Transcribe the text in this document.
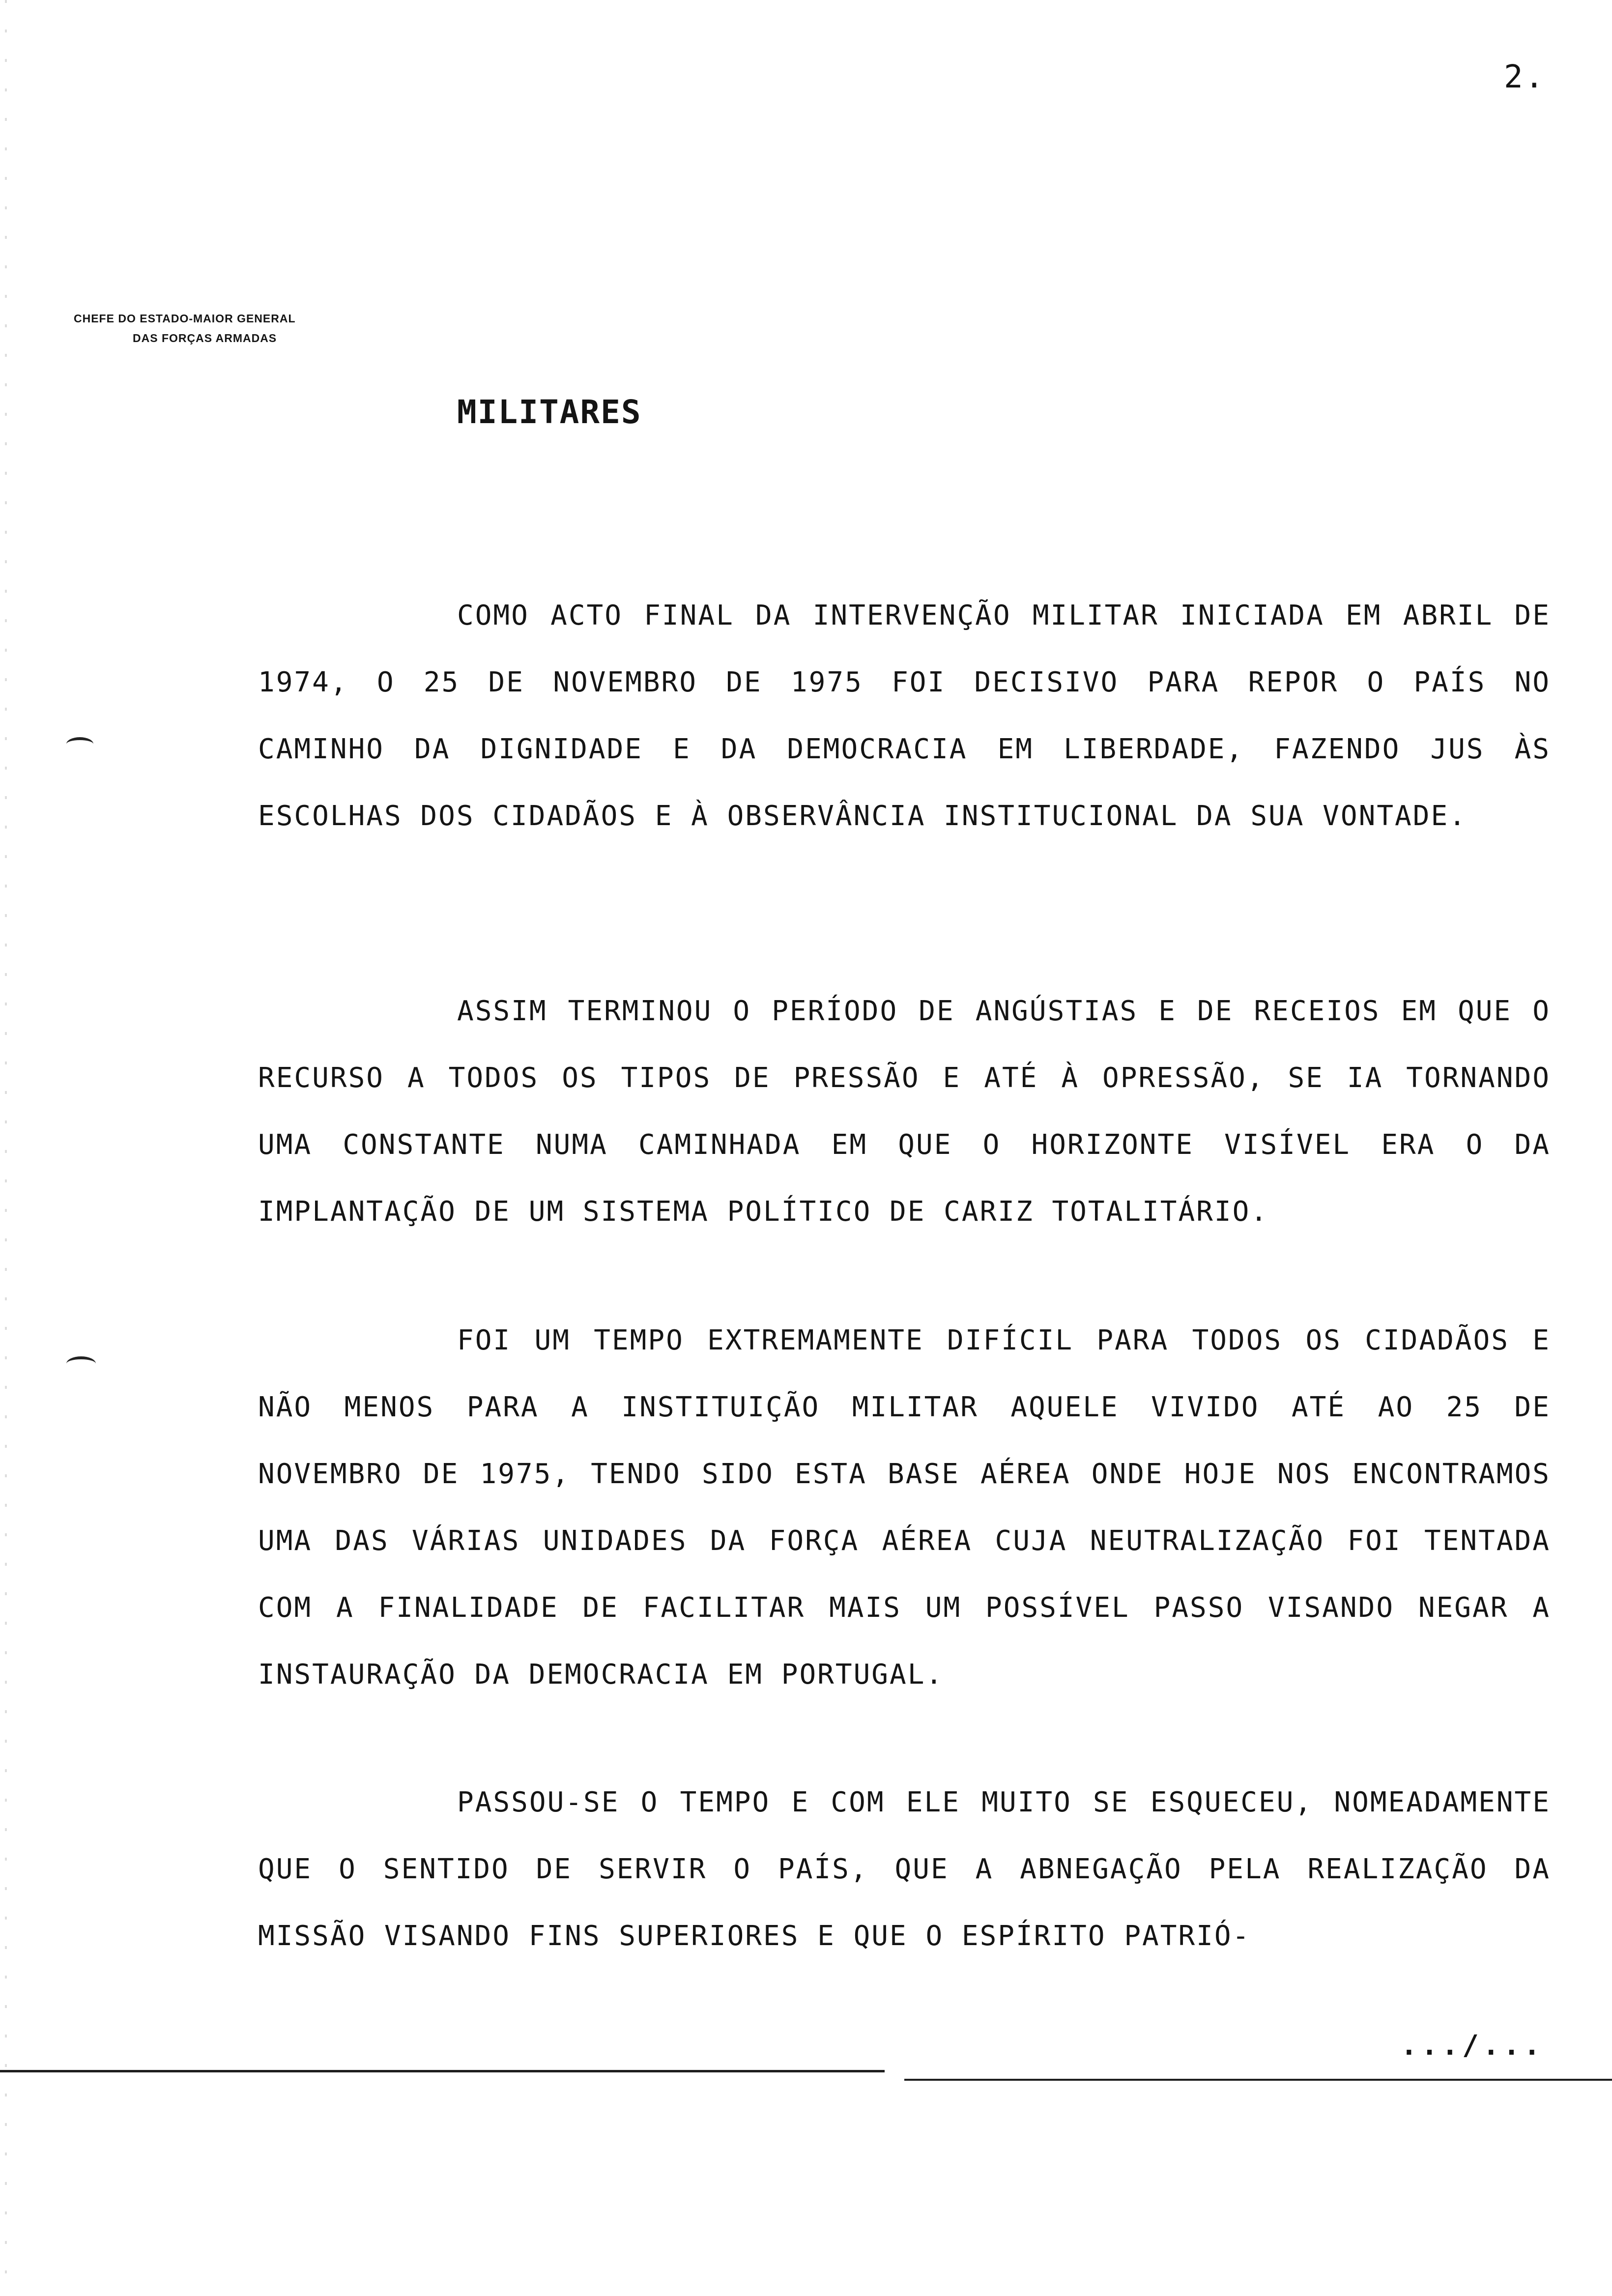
2.
CHEFE DO ESTADO-MAIOR GENERAL
DAS FORÇAS ARMADAS
MILITARES

COMO ACTO FINAL DA INTERVENÇÃO MILITAR INICIADA EM ABRIL DE 1974, O 25 DE NOVEMBRO DE 1975 FOI DECISIVO PARA REPOR O PAÍS NO CAMINHO DA DIGNIDADE E DA DEMOCRACIA EM LIBERDADE, FAZENDO JUS ÀS ESCOLHAS DOS CIDADÃOS E À OBSERVÂNCIA INSTITUCIONAL DA SUA VONTADE.

ASSIM TERMINOU O PERÍODO DE ANGÚSTIAS E DE RECEIOS EM QUE O RECURSO A TODOS OS TIPOS DE PRESSÃO E ATÉ À OPRESSÃO, SE IA TORNANDO UMA CONSTANTE NUMA CAMINHADA EM QUE O HORIZONTE VISÍVEL ERA O DA IMPLANTAÇÃO DE UM SISTEMA POLÍTICO DE CARIZ TOTALITÁRIO.

FOI UM TEMPO EXTREMAMENTE DIFÍCIL PARA TODOS OS CIDADÃOS E NÃO MENOS PARA A INSTITUIÇÃO MILITAR AQUELE VIVIDO ATÉ AO 25 DE NOVEMBRO DE 1975, TENDO SIDO ESTA BASE AÉREA ONDE HOJE NOS ENCONTRAMOS UMA DAS VÁRIAS UNIDADES DA FORÇA AÉREA CUJA NEUTRALIZAÇÃO FOI TENTADA COM A FINALIDADE DE FACILITAR MAIS UM POSSÍVEL PASSO VISANDO NEGAR A INSTAURAÇÃO DA DEMOCRACIA EM PORTUGAL.

PASSOU-SE O TEMPO E COM ELE MUITO SE ESQUECEU, NOMEADAMENTE QUE O SENTIDO DE SERVIR O PAÍS, QUE A ABNEGAÇÃO PELA REALIZAÇÃO DA MISSÃO VISANDO FINS SUPERIORES E QUE O ESPÍRITO PATRIÓ-

.../...
